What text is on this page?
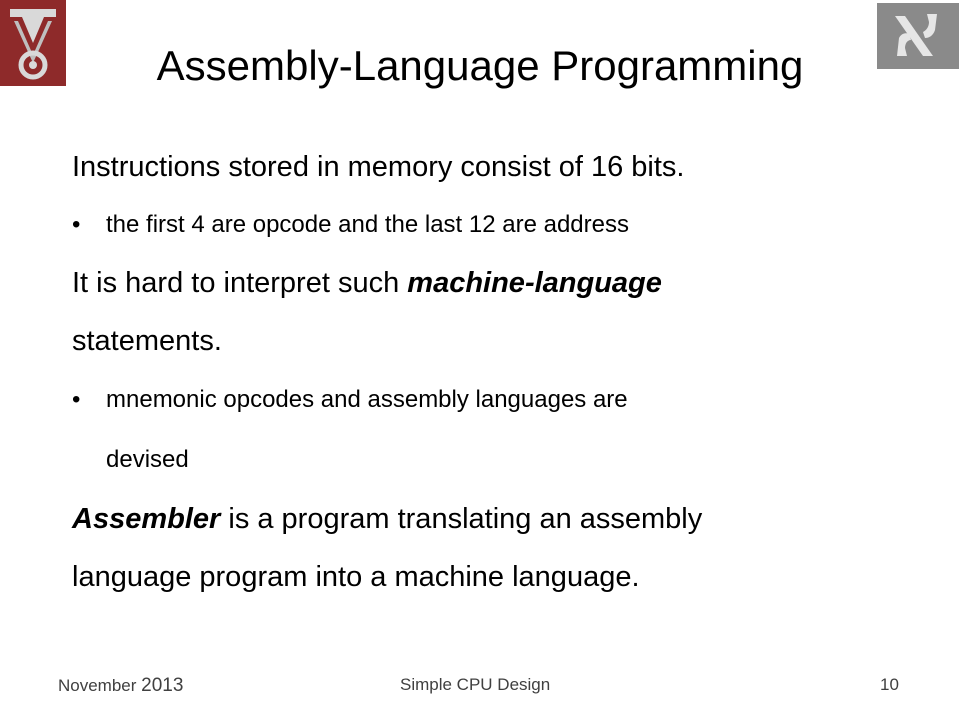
Assembly-Language Programming

Instructions stored in memory consist of 16 bits.

• the first 4 are opcode and the last 12 are address

It is hard to interpret such machine-language

statements.

• mnemonic opcodes and assembly languages are
devised

Assembler is a program translating an assembly

language program into a machine language.

November 2013	Simple CPU Design	10
